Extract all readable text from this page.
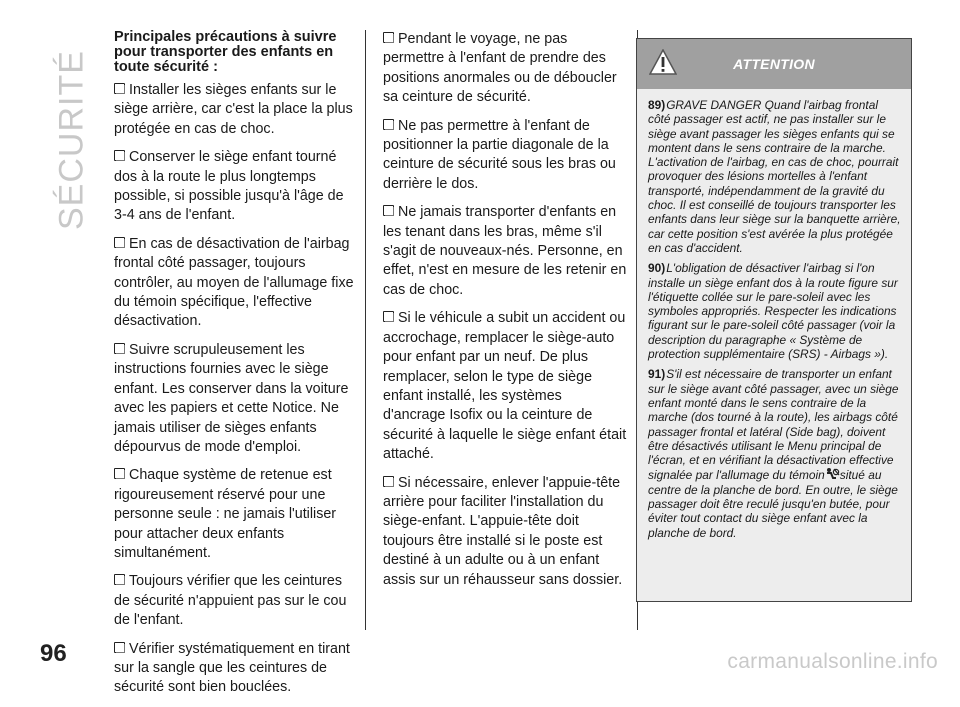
SÉCURITÉ

Principales précautions à suivre pour transporter des enfants en toute sécurité :

Installer les sièges enfants sur le siège arrière, car c'est la place la plus protégée en cas de choc.

Conserver le siège enfant tourné dos à la route le plus longtemps possible, si possible jusqu'à l'âge de 3-4 ans de l'enfant.

En cas de désactivation de l'airbag frontal côté passager, toujours contrôler, au moyen de l'allumage fixe du témoin spécifique, l'effective désactivation.

Suivre scrupuleusement les instructions fournies avec le siège enfant. Les conserver dans la voiture avec les papiers et cette Notice. Ne jamais utiliser de sièges enfants dépourvus de mode d'emploi.

Chaque système de retenue est rigoureusement réservé pour une personne seule : ne jamais l'utiliser pour attacher deux enfants simultanément.

Toujours vérifier que les ceintures de sécurité n'appuient pas sur le cou de l'enfant.

Vérifier systématiquement en tirant sur la sangle que les ceintures de sécurité sont bien bouclées.

Pendant le voyage, ne pas permettre à l'enfant de prendre des positions anormales ou de déboucler sa ceinture de sécurité.

Ne pas permettre à l'enfant de positionner la partie diagonale de la ceinture de sécurité sous les bras ou derrière le dos.

Ne jamais transporter d'enfants en les tenant dans les bras, même s'il s'agit de nouveaux-nés. Personne, en effet, n'est en mesure de les retenir en cas de choc.

Si le véhicule a subit un accident ou accrochage, remplacer le siège-auto pour enfant par un neuf. De plus remplacer, selon le type de siège enfant installé, les systèmes d'ancrage Isofix ou la ceinture de sécurité à laquelle le siège enfant était attaché.

Si nécessaire, enlever l'appuie-tête arrière pour faciliter l'installation du siège-enfant. L'appuie-tête doit toujours être installé si le poste est destiné à un adulte ou à un enfant assis sur un réhausseur sans dossier.

ATTENTION

89)GRAVE DANGER Quand l'airbag frontal côté passager est actif, ne pas installer sur le siège avant passager les sièges enfants qui se montent dans le sens contraire de la marche. L'activation de l'airbag, en cas de choc, pourrait provoquer des lésions mortelles à l'enfant transporté, indépendamment de la gravité du choc. Il est conseillé de toujours transporter les enfants dans leur siège sur la banquette arrière, car cette position s'est avérée la plus protégée en cas d'accident.

90)L'obligation de désactiver l'airbag si l'on installe un siège enfant dos à la route figure sur l'étiquette collée sur le pare-soleil avec les symboles appropriés. Respecter les indications figurant sur le pare-soleil côté passager (voir la description du paragraphe « Système de protection supplémentaire (SRS) - Airbags »).

91)S'il est nécessaire de transporter un enfant sur le siège avant côté passager, avec un siège enfant monté dans le sens contraire de la marche (dos tourné à la route), les airbags côté passager frontal et latéral (Side bag), doivent être désactivés utilisant le Menu principal de l'écran, et en vérifiant la désactivation effective signalée par l'allumage du témoin situé au centre de la planche de bord. En outre, le siège passager doit être reculé jusqu'en butée, pour éviter tout contact du siège enfant avec la planche de bord.

96	carmanualsonline.info
